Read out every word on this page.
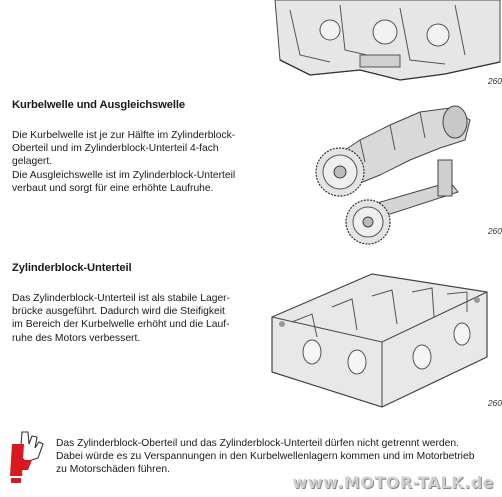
260
Kurbelwelle und Ausgleichswelle

Die Kurbelwelle ist je zur Hälfte im Zylinderblock-
Oberteil und im Zylinderblock-Unterteil 4-fach
gelagert.
Die Ausgleichswelle ist im Zylinderblock-Unterteil
verbaut und sorgt für eine erhöhte Laufruhe.

260
Zylinderblock-Unterteil

Das Zylinderblock-Unterteil ist als stabile Lager-
brücke ausgeführt. Dadurch wird die Steifigkeit
im Bereich der Kurbelwelle erhöht und die Lauf-
ruhe des Motors verbessert.

260
Das Zylinderblock-Oberteil und das Zylinderblock-Unterteil dürfen nicht getrennt werden.
Dabei würde es zu Verspannungen in den Kurbelwellenlagern kommen und im Motorbetrieb
zu Motorschäden führen.
www.MOTOR-TALK.de
